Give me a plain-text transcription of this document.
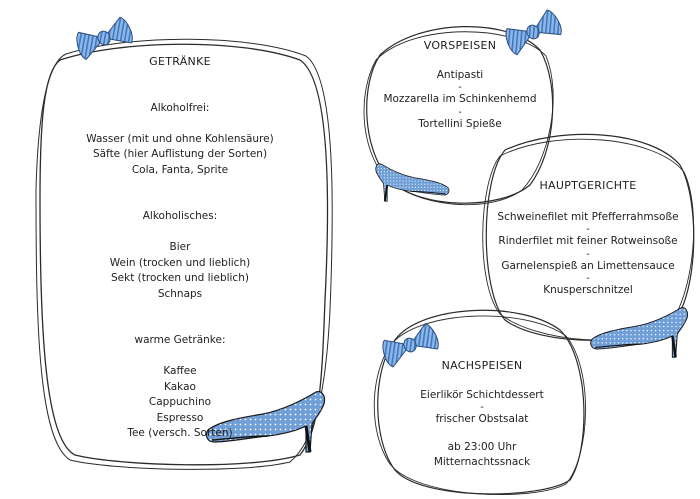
GETRÄNKE
Alkoholfrei:
Wasser (mit und ohne Kohlensäure)
Säfte (hier Auflistung der Sorten)
Cola, Fanta, Sprite
Alkoholisches:
Bier
Wein (trocken und lieblich)
Sekt (trocken und lieblich)
Schnaps
warme Getränke:
Kaffee
Kakao
Cappuchino
Espresso
Tee (versch. Sorten)
VORSPEISEN
Antipasti
-
Mozzarella im Schinkenhemd
-
Tortellini Spieße
HAUPTGERICHTE
Schweinefilet mit Pfefferrahmsoße
-
Rinderfilet mit feiner Rotweinsoße
-
Garnelenspieß an Limettensauce
-
Knusperschnitzel
NACHSPEISEN
Eierlikör Schichtdessert
-
frischer Obstsalat
ab 23:00 Uhr
Mitternachtssnack
